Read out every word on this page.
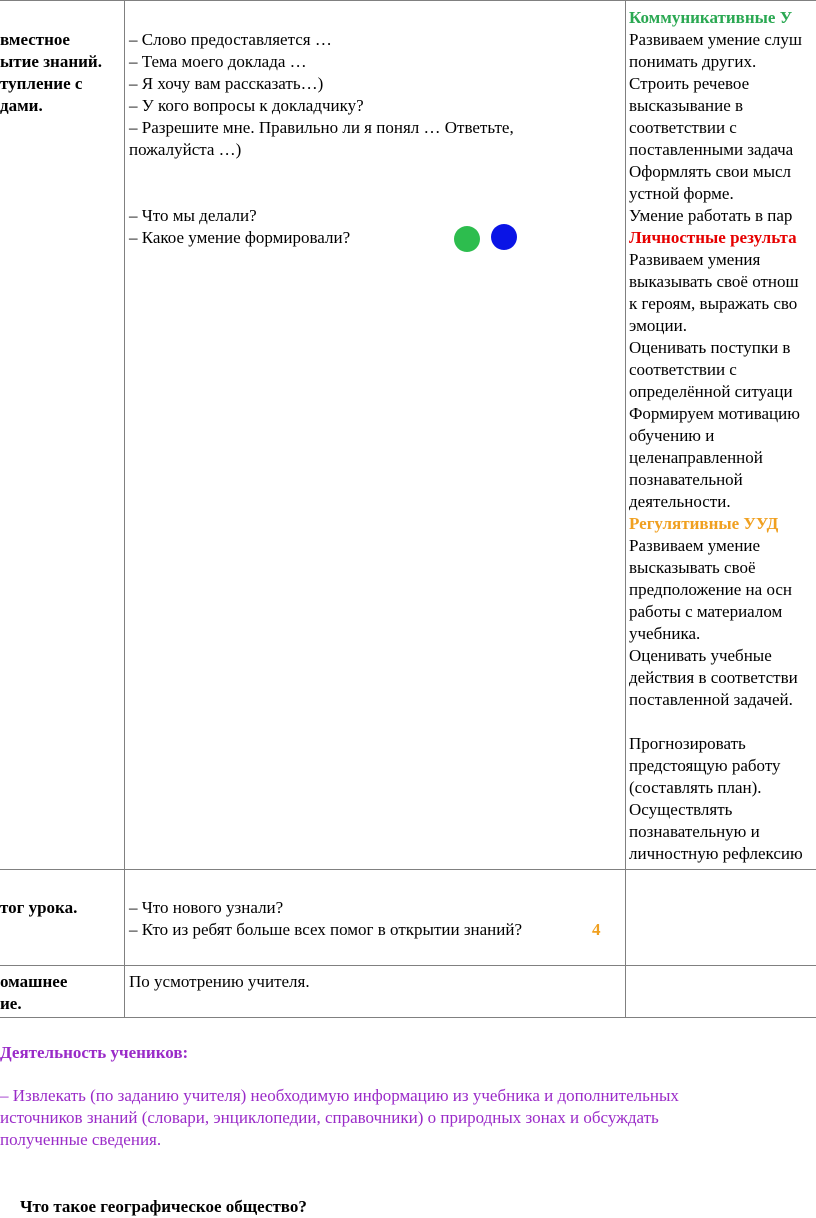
вместное
ытие знаний.
тупление с
дами.
– Слово предоставляется …
– Тема моего доклада …
– Я хочу вам рассказать…)
– У кого вопросы к докладчику?
– Разрешите мне. Правильно ли я понял … Ответьте,
пожалуйста …)
– Что мы делали?
– Какое умение формировали?
Коммуникативные У
Развиваем умение слуш
понимать других.
Строить речевое
высказывание в
соответствии с
поставленными задача
Оформлять свои мысл
устной форме.
Умение работать в пар
Личностные результа
Развиваем умения
выказывать своё отнош
к героям, выражать сво
эмоции.
Оценивать поступки в
соответствии с
определённой ситуаци
Формируем мотивацию
обучению и
целенаправленной
познавательной
деятельности.
Регулятивные УУД
Развиваем умение
высказывать своё
предположение на осн
работы с материалом
учебника.
Оценивать учебные
действия в соответстви
поставленной задачей.
Прогнозировать
предстоящую работу
(составлять план).
Осуществлять
познавательную и
личностную рефлексию
тог урока.	– Что нового узнали?
– Кто из ребят больше всех помог в открытии знаний?	4
омашнее
ие.
По усмотрению учителя.
Деятельность учеников:
– Извлекать (по заданию учителя) необходимую информацию из учебника и дополнительных
источников знаний (словари, энциклопедии, справочники) о природных зонах и обсуждать
полученные сведения.
Что такое географическое общество?
